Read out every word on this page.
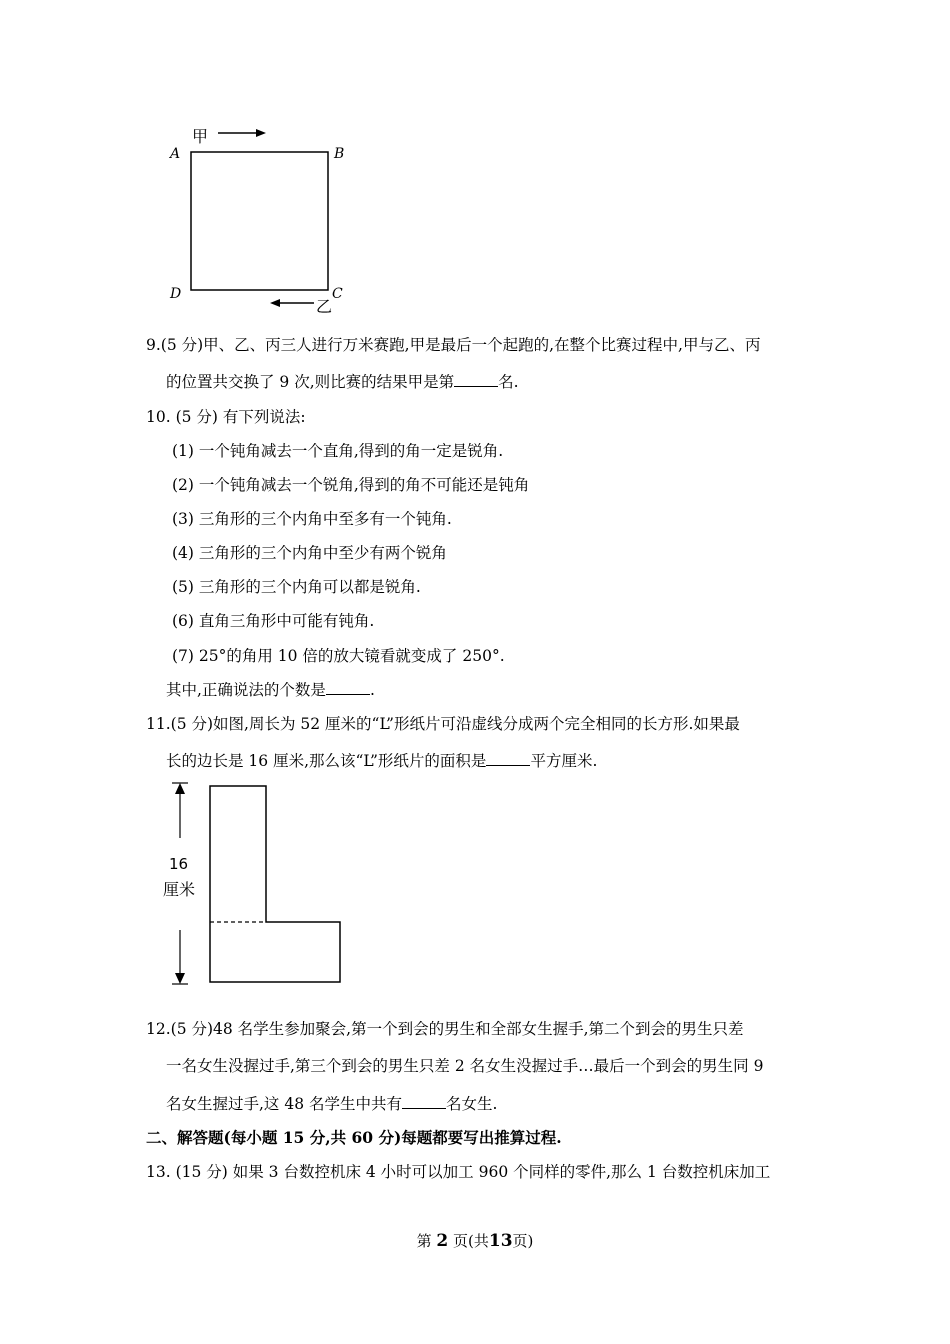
甲
A	B
D	C
乙
9.(5 分)甲、乙、丙三人进行万米赛跑,甲是最后一个起跑的,在整个比赛过程中,甲与乙、丙
的位置共交换了 9 次,则比赛的结果甲是第	名.
10. (5 分) 有下列说法:
(1) 一个钝角减去一个直角,得到的角一定是锐角.
(2) 一个钝角减去一个锐角,得到的角不可能还是钝角
(3) 三角形的三个内角中至多有一个钝角.
(4) 三角形的三个内角中至少有两个锐角
(5) 三角形的三个内角可以都是锐角.
(6) 直角三角形中可能有钝角.
(7) 25°的角用 10 倍的放大镜看就变成了 250°.
其中,正确说法的个数是	.
11.(5 分)如图,周长为 52 厘米的“L”形纸片可沿虚线分成两个完全相同的长方形.如果最
长的边长是 16 厘米,那么该“L”形纸片的面积是	平方厘米.
16
厘米
12.(5 分)48 名学生参加聚会,第一个到会的男生和全部女生握手,第二个到会的男生只差
一名女生没握过手,第三个到会的男生只差 2 名女生没握过手…最后一个到会的男生同 9
名女生握过手,这 48 名学生中共有	名女生.
二、解答题(每小题 15 分,共 60 分)每题都要写出推算过程.
13. (15 分) 如果 3 台数控机床 4 小时可以加工 960 个同样的零件,那么 1 台数控机床加工
第 2 页(共13页)
